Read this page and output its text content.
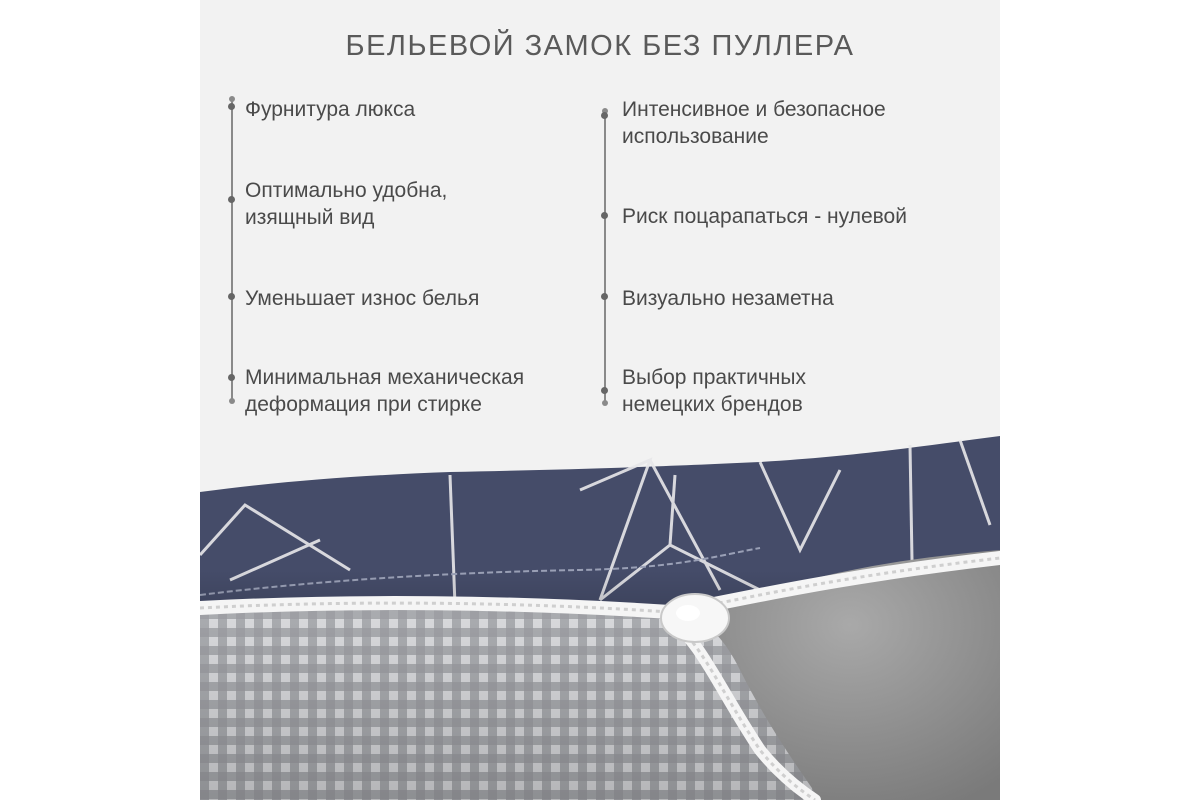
БЕЛЬЕВОЙ ЗАМОК БЕЗ ПУЛЛЕРА

Фурнитура люкса

Оптимально удобна, изящный вид

Уменьшает износ белья

Минимальная механическая деформация при стирке

Интенсивное и безопасное использование

Риск поцарапаться - нулевой

Визуально незаметна

Выбор практичных немецких брендов
